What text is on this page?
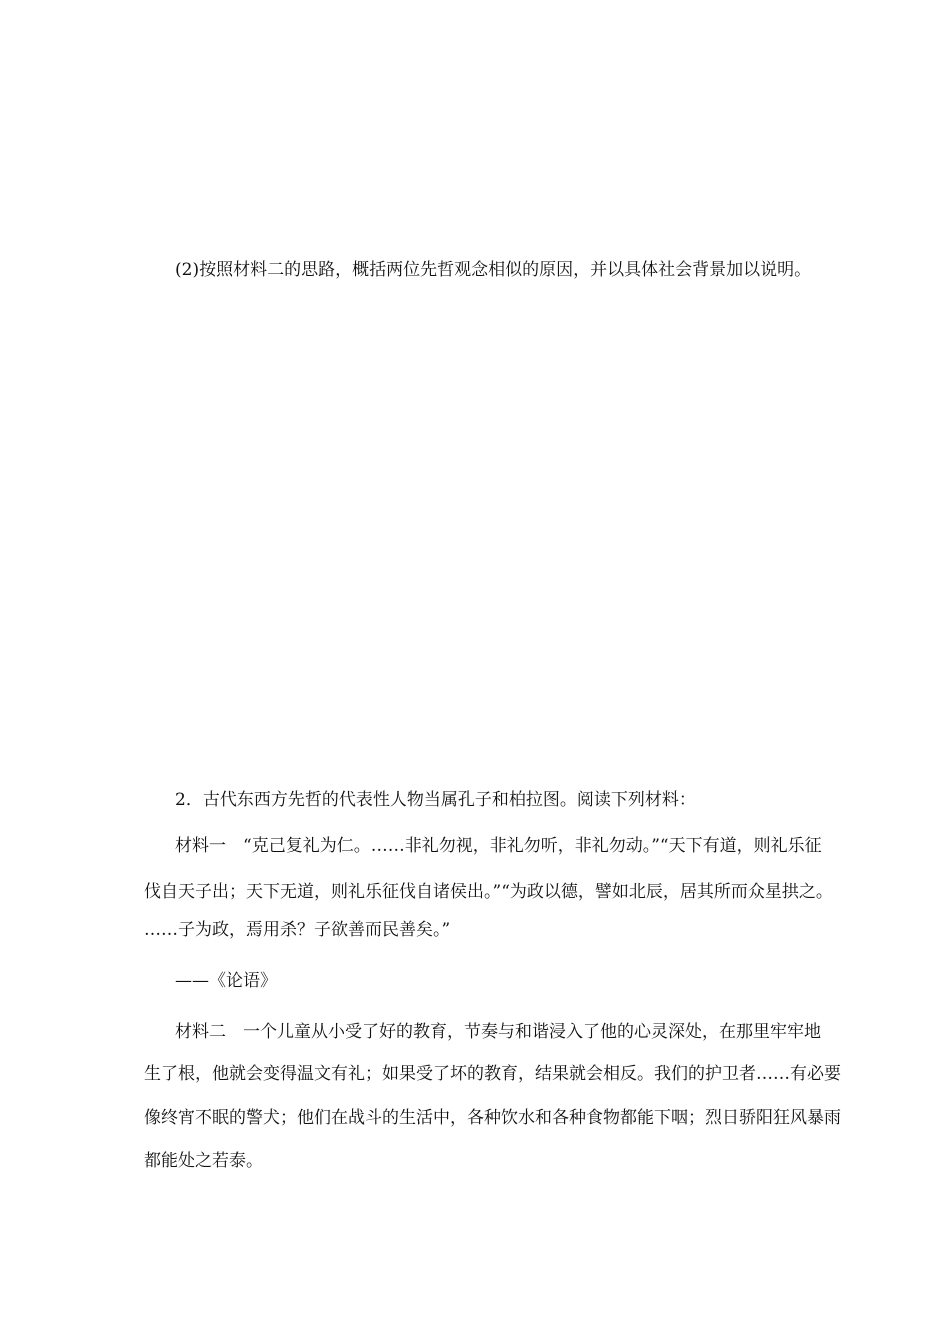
(2)按照材料二的思路，概括两位先哲观念相似的原因，并以具体社会背景加以说明。
2．古代东西方先哲的代表性人物当属孔子和柏拉图。阅读下列材料：
材料一　“克己复礼为仁。……非礼勿视，非礼勿听，非礼勿动。”“天下有道，则礼乐征
伐自天子出；天下无道，则礼乐征伐自诸侯出。”“为政以德，譬如北辰，居其所而众星拱之。
……子为政，焉用杀？子欲善而民善矣。”
——《论语》
材料二　一个儿童从小受了好的教育，节奏与和谐浸入了他的心灵深处，在那里牢牢地
生了根，他就会变得温文有礼；如果受了坏的教育，结果就会相反。我们的护卫者……有必要
像终宵不眠的警犬；他们在战斗的生活中，各种饮水和各种食物都能下咽；烈日骄阳狂风暴雨
都能处之若泰。
